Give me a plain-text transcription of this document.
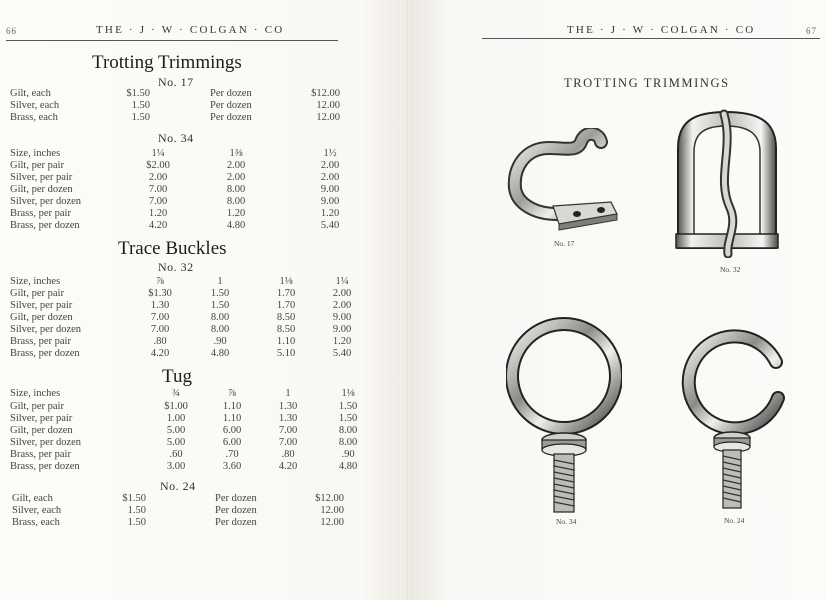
66	THE · J · W · COLGAN · CO
Trotting Trimmings
No. 17
Gilt, each	$1.50	Per dozen	$12.00
Silver, each	1.50	Per dozen	12.00
Brass, each	1.50	Per dozen	12.00
No. 34
Size, inches	1¼	1⅜	1½
Gilt, per pair	$2.00	2.00	2.00
Silver, per pair	2.00	2.00	2.00
Gilt, per dozen	7.00	8.00	9.00
Silver, per dozen	7.00	8.00	9.00
Brass, per pair	1.20	1.20	1.20
Brass, per dozen	4.20	4.80	5.40
Trace Buckles
No. 32
Size, inches	⅞	1	1⅛	1¼
Gilt, per pair	$1.30	1.50	1.70	2.00
Silver, per pair	1.30	1.50	1.70	2.00
Gilt, per dozen	7.00	8.00	8.50	9.00
Silver, per dozen	7.00	8.00	8.50	9.00
Brass, per pair	.80	.90	1.10	1.20
Brass, per dozen	4.20	4.80	5.10	5.40
Tug
Size, inches	¾	⅞	1	1⅛
Gilt, per pair	$1.00	1.10	1.30	1.50
Silver, per pair	1.00	1.10	1.30	1.50
Gilt, per dozen	5.00	6.00	7.00	8.00
Silver, per dozen	5.00	6.00	7.00	8.00
Brass, per pair	.60	.70	.80	.90
Brass, per dozen	3.00	3.60	4.20	4.80
No. 24
Gilt, each	$1.50	Per dozen	$12.00
Silver, each	1.50	Per dozen	12.00
Brass, each	1.50	Per dozen	12.00
THE · J · W · COLGAN · CO	67
TROTTING TRIMMINGS
No. 17
No. 32
No. 34	No. 24
